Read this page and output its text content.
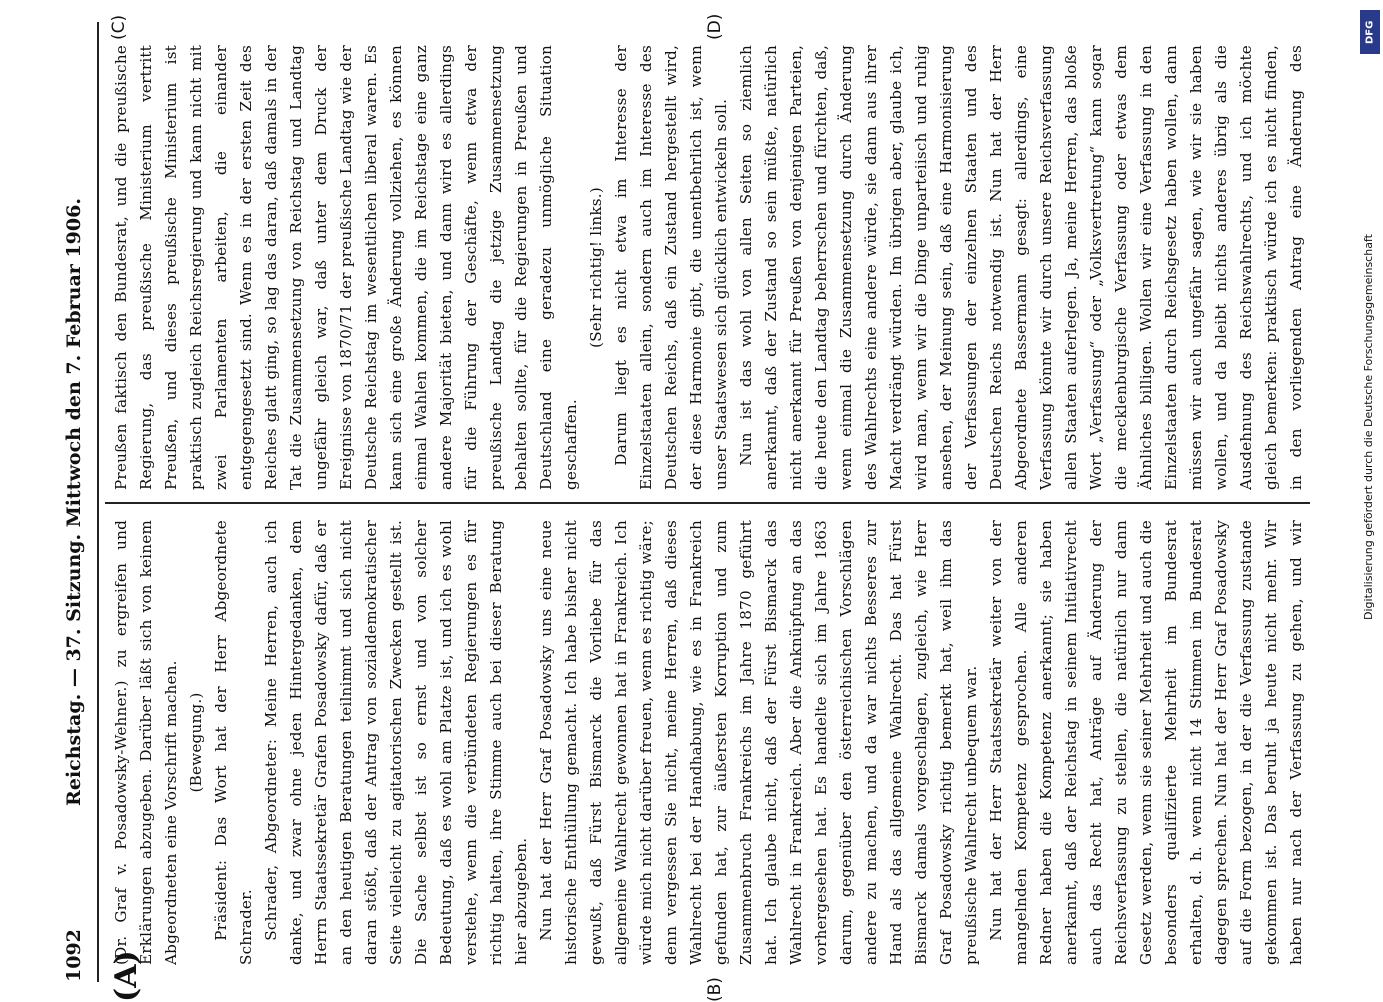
1092
Reichstag. — 37. Sitzung. Mittwoch den 7. Februar 1906.
(A)	(B)
(C)	(D)

(Dr. Graf v. Posadowsky-Wehner.) zu ergreifen und Erklärungen abzugeben. Darüber läßt sich von keinem Abgeordneten eine Vorschrift machen. (Bewegung.) Präsident: Das Wort hat der Herr Abgeordnete Schrader. Schrader, Abgeordneter: Meine Herren, auch ich danke, und zwar ohne jeden Hintergedanken, dem Herrn Staatssekretär Grafen Posadowsky dafür, daß er an den heutigen Beratungen teilnimmt und sich nicht daran stößt, daß der Antrag von sozialdemokratischer Seite vielleicht zu agitatorischen Zwecken gestellt ist. Die Sache selbst ist so ernst und von solcher Bedeutung, daß es wohl am Platze ist, und ich es wohl verstehe, wenn die verbündeten Regierungen es für richtig halten, ihre Stimme auch bei dieser Beratung hier abzugeben. Nun hat der Herr Graf Posadowsky uns eine neue historische Enthüllung gemacht. Ich habe bisher nicht gewußt, daß Fürst Bismarck die Vorliebe für das allgemeine Wahlrecht gewonnen hat in Frankreich. Ich würde mich nicht darüber freuen, wenn es richtig wäre; denn vergessen Sie nicht, meine Herren, daß dieses Wahlrecht bei der Handhabung, wie es in Frankreich gefunden hat, zur äußersten Korruption und zum Zusammenbruch Frankreichs im Jahre 1870 geführt hat. Ich glaube nicht, daß der Fürst Bismarck das Wahlrecht in Frankreich. Aber die Anknüpfung an das vorhergesehen hat. Es handelte sich im Jahre 1863 darum, gegenüber den österreichischen Vorschlägen andere zu machen, und da war nichts Besseres zur Hand als das allgemeine Wahlrecht. Das hat Fürst Bismarck damals vorgeschlagen, zugleich, wie Herr Graf Posadowsky richtig bemerkt hat, weil ihm das preußische Wahlrecht unbequem war. Nun hat der Herr Staatssekretär weiter von der mangelnden Kompetenz gesprochen. Alle anderen Redner haben die Kompetenz anerkannt; sie haben anerkannt, daß der Reichstag in seinem Initiativrecht auch das Recht hat, Anträge auf Änderung der Reichsverfassung zu stellen, die natürlich nur dann Gesetz werden, wenn sie seiner Mehrheit und auch die besonders qualifizierte Mehrheit im Bundesrat erhalten, d. h. wenn nicht 14 Stimmen im Bundesrat dagegen sprechen. Nun hat der Herr Graf Posadowsky auf die Form bezogen, in der die Verfassung zustande gekommen ist. Das beruht ja heute nicht mehr. Wir haben nur nach der Verfassung zu gehen, und wir

Preußen faktisch den Bundesrat, und die preußische Regierung, das preußische Ministerium vertritt Preußen, und dieses preußische Ministerium ist praktisch zugleich Reichsregierung und kann nicht mit zwei Parlamenten arbeiten, die einander entgegengesetzt sind. Wenn es in der ersten Zeit des Reiches glatt ging, so lag das daran, daß damals in der Tat die Zusammensetzung von Reichstag und Landtag ungefähr gleich war, daß unter dem Druck der Ereignisse von 1870/71 der preußische Landtag wie der Deutsche Reichstag im wesentlichen liberal waren. Es kann sich eine große Änderung vollziehen, es können einmal Wahlen kommen, die im Reichstage eine ganz andere Majorität bieten, und dann wird es allerdings für die Führung der Geschäfte, wenn etwa der preußische Landtag die jetzige Zusammensetzung behalten sollte, für die Regierungen in Preußen und Deutschland eine geradezu unmögliche Situation geschaffen.

(Sehr richtig! links.) Darum liegt es nicht etwa im Interesse der Einzelstaaten allein, sondern auch im Interesse des Deutschen Reichs, daß ein Zustand hergestellt wird, der diese Harmonie gibt, die unentbehrlich ist, wenn unser Staatswesen sich glücklich entwickeln soll. Nun ist das wohl von allen Seiten so ziemlich anerkannt, daß der Zustand so sein müßte, natürlich nicht anerkannt für Preußen von denjenigen Parteien, die heute den Landtag beherrschen und fürchten, daß, wenn einmal die Zusammensetzung durch Änderung des Wahlrechts eine andere würde, sie dann aus ihrer Macht verdrängt würden. Im übrigen aber, glaube ich, wird man, wenn wir die Dinge unparteiisch und ruhig ansehen, der Meinung sein, daß eine Harmonisierung der Verfassungen der einzelnen Staaten und des Deutschen Reichs notwendig ist. Nun hat der Herr Abgeordnete Bassermann gesagt: allerdings, eine Verfassung könnte wir durch unsere Reichsverfassung allen Staaten auferlegen. Ja, meine Herren, das bloße Wort „Verfassung“ oder „Volksvertretung“ kann sogar die mecklenburgische Verfassung oder etwas dem Ähnliches billigen. Wollen wir eine Verfassung in den Einzelstaaten durch Reichsgesetz haben wollen, dann müssen wir auch ungefähr sagen, wie wir sie haben wollen, und da bleibt nichts anderes übrig als die Ausdehnung des Reichswahlrechts, und ich möchte gleich bemerken: praktisch würde ich es nicht finden, in den vorliegenden Antrag eine Änderung des

DFG
Digitalisierung gefördert durch die Deutsche Forschungsgemeinschaft
